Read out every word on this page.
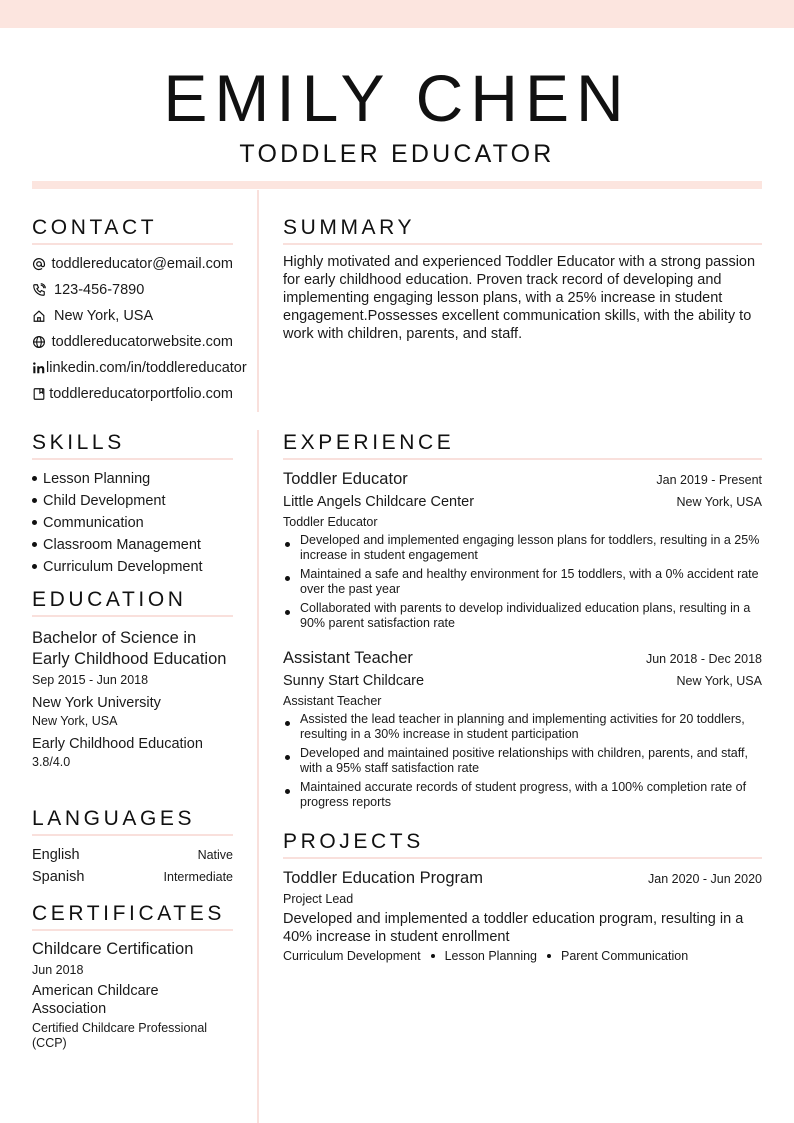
EMILY CHEN
TODDLER EDUCATOR
CONTACT
toddlereducator@email.com
123-456-7890
New York, USA
toddlereducatorwebsite.com
linkedin.com/in/toddlereducator
toddlereducatorportfolio.com
SUMMARY
Highly motivated and experienced Toddler Educator with a strong passion for early childhood education. Proven track record of developing and implementing engaging lesson plans, with a 25% increase in student engagement.Possesses excellent communication skills, with the ability to work with children, parents, and staff.
SKILLS
Lesson Planning
Child Development
Communication
Classroom Management
Curriculum Development
EDUCATION
Bachelor of Science in Early Childhood Education
Sep 2015 - Jun 2018
New York University
New York, USA
Early Childhood Education
3.8/4.0
LANGUAGES
English	Native
Spanish	Intermediate
CERTIFICATES
Childcare Certification
Jun 2018
American Childcare Association
Certified Childcare Professional (CCP)
EXPERIENCE
Toddler Educator	Jan 2019 - Present
Little Angels Childcare Center	New York, USA
Toddler Educator
Developed and implemented engaging lesson plans for toddlers, resulting in a 25% increase in student engagement
Maintained a safe and healthy environment for 15 toddlers, with a 0% accident rate over the past year
Collaborated with parents to develop individualized education plans, resulting in a 90% parent satisfaction rate
Assistant Teacher	Jun 2018 - Dec 2018
Sunny Start Childcare	New York, USA
Assistant Teacher
Assisted the lead teacher in planning and implementing activities for 20 toddlers, resulting in a 30% increase in student participation
Developed and maintained positive relationships with children, parents, and staff, with a 95% staff satisfaction rate
Maintained accurate records of student progress, with a 100% completion rate of progress reports
PROJECTS
Toddler Education Program	Jan 2020 - Jun 2020
Project Lead
Developed and implemented a toddler education program, resulting in a 40% increase in student enrollment
Curriculum Development Lesson Planning Parent Communication
